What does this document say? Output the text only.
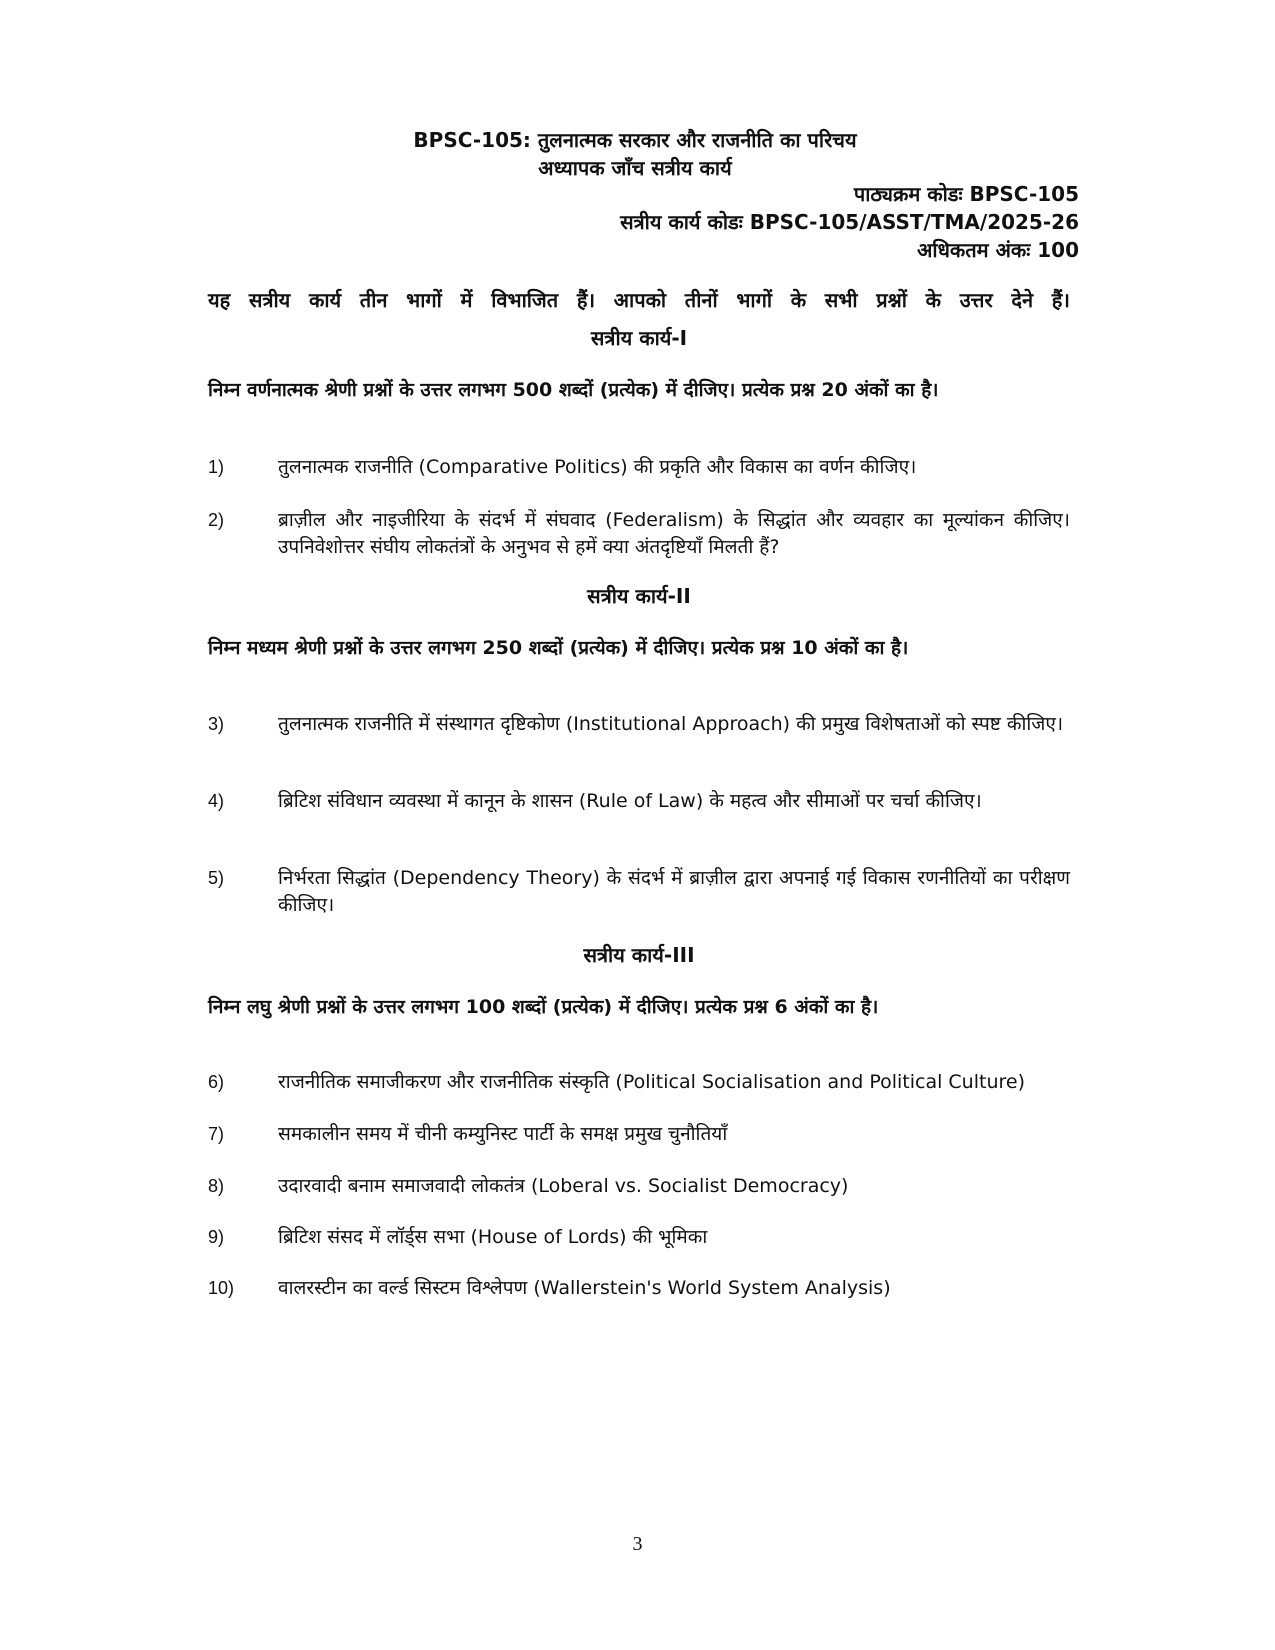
BPSC-105: तुलनात्मक सरकार और राजनीति का परिचय
अध्यापक जाँच सत्रीय कार्य
पाठ्यक्रम कोडः BPSC-105
सत्रीय कार्य कोडः BPSC-105/ASST/TMA/2025-26
अधिकतम अंकः 100
यह सत्रीय कार्य तीन भागों में विभाजित हैं। आपको तीनों भागों के सभी प्रश्नों के उत्तर देने हैं।
सत्रीय कार्य-I
निम्न वर्णनात्मक श्रेणी प्रश्नों के उत्तर लगभग 500 शब्दों (प्रत्येक) में दीजिए। प्रत्येक प्रश्न 20 अंकों का है।
1)	तुलनात्मक राजनीति (Comparative Politics) की प्रकृति और विकास का वर्णन कीजिए।
2)	ब्राज़ील और नाइजीरिया के संदर्भ में संघवाद (Federalism) के सिद्धांत और व्यवहार का मूल्यांकन कीजिए। उपनिवेशोत्तर संघीय लोकतंत्रों के अनुभव से हमें क्या अंतदृष्टियाँ मिलती हैं?
सत्रीय कार्य-II
निम्न मध्यम श्रेणी प्रश्नों के उत्तर लगभग 250 शब्दों (प्रत्येक) में दीजिए। प्रत्येक प्रश्न 10 अंकों का है।
3)	तुलनात्मक राजनीति में संस्थागत दृष्टिकोण (Institutional Approach) की प्रमुख विशेषताओं को स्पष्ट कीजिए।
4)	ब्रिटिश संविधान व्यवस्था में कानून के शासन (Rule of Law) के महत्व और सीमाओं पर चर्चा कीजिए।
5)	निर्भरता सिद्धांत (Dependency Theory) के संदर्भ में ब्राज़ील द्वारा अपनाई गई विकास रणनीतियों का परीक्षण कीजिए।
सत्रीय कार्य-III
निम्न लघु श्रेणी प्रश्नों के उत्तर लगभग 100 शब्दों (प्रत्येक) में दीजिए। प्रत्येक प्रश्न 6 अंकों का है।
6)	राजनीतिक समाजीकरण और राजनीतिक संस्कृति (Political Socialisation and Political Culture)
7)	समकालीन समय में चीनी कम्युनिस्ट पार्टी के समक्ष प्रमुख चुनौतियाँ
8)	उदारवादी बनाम समाजवादी लोकतंत्र (Loberal vs. Socialist Democracy)
9)	ब्रिटिश संसद में लॉर्ड्स सभा (House of Lords) की भूमिका
10)	वालरस्टीन का वर्ल्ड सिस्टम विश्लेपण (Wallerstein's World System Analysis)
3
